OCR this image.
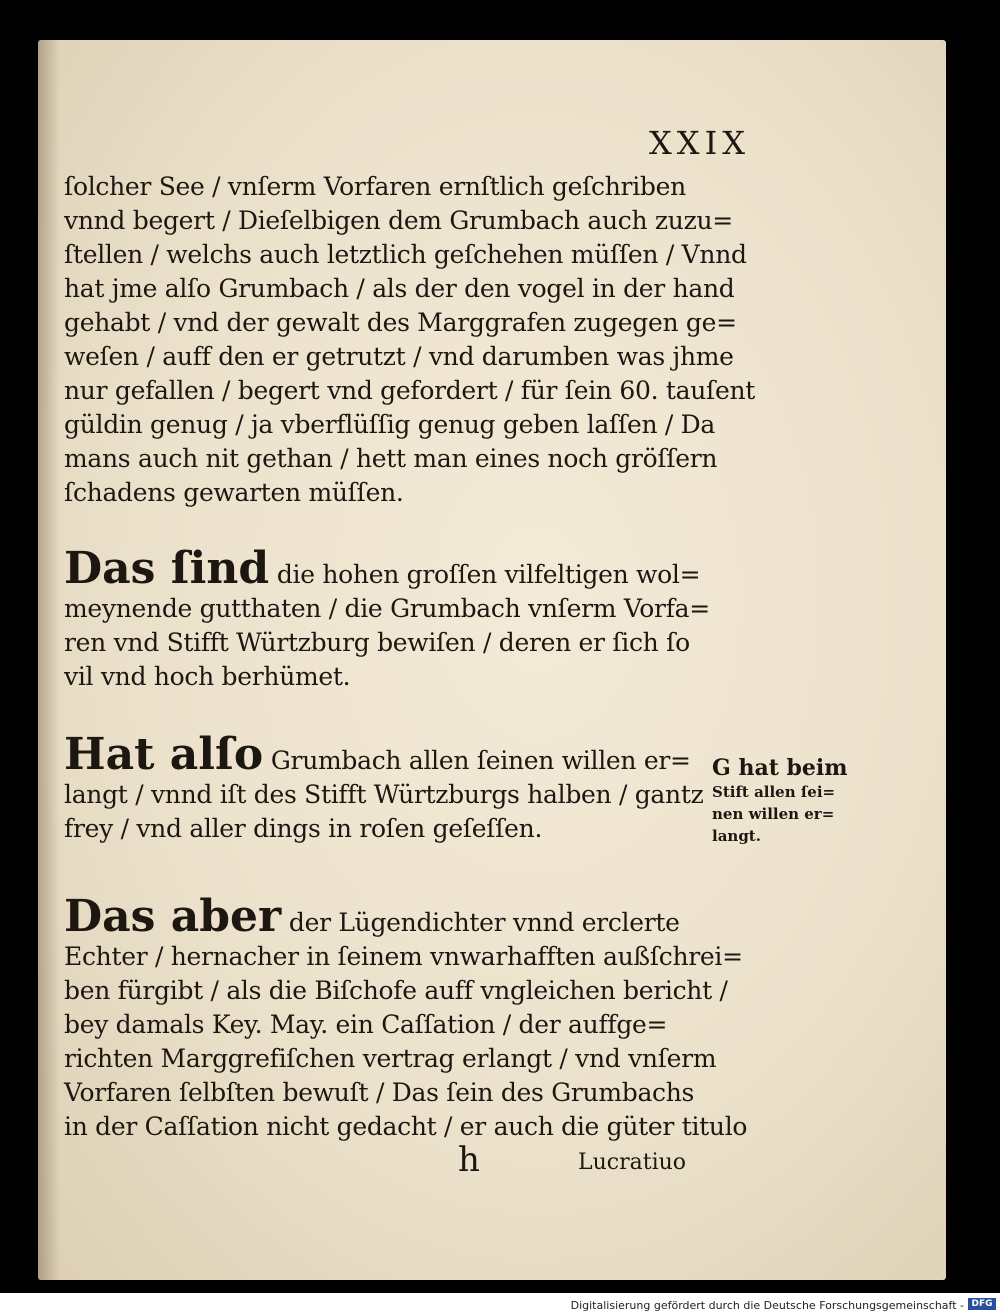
XXIX
ſolcher See / vnſerm Vorfaren ernſtlich geſchriben
vnnd begert / Dieſelbigen dem Grumbach auch zuzu=
ſtellen / welchs auch letztlich geſchehen müſſen / Vnnd
hat jme alſo Grumbach / als der den vogel in der hand
gehabt / vnd der gewalt des Marggrafen zugegen ge=
weſen / auff den er getrutzt / vnd darumben was jhme
nur gefallen / begert vnd gefordert / für ſein 60. tauſent
güldin genug / ja vberflüſſig genug geben laſſen / Da
mans auch nit gethan / hett man eines noch gröſſern
ſchadens gewarten müſſen.
Das ſind die hohen groſſen vilfeltigen wol=
meynende gutthaten / die Grumbach vnſerm Vorfa=
ren vnd Stifft Würtzburg bewiſen / deren er ſich ſo
vil vnd hoch berhümet.
Hat alſo Grumbach allen ſeinen willen er=
langt / vnnd iſt des Stifft Würtzburgs halben / gantz
frey / vnd aller dings in roſen geſeſſen.
G hat beim
Stift allen ſei=
nen willen er=
langt.
Das aber der Lügendichter vnnd erclerte
Echter / hernacher in ſeinem vnwarhafften außſchrei=
ben fürgibt / als die Biſchofe auff vngleichen bericht /
bey damals Key. May. ein Caſſation / der auffge=
richten Marggrefiſchen vertrag erlangt / vnd vnſerm
Vorfaren ſelbſten bewuſt / Das ſein des Grumbachs
in der Caſſation nicht gedacht / er auch die güter titulo
h	Lucratiuo
Digitalisierung gefördert durch die Deutsche Forschungsgemeinschaft - DFG
